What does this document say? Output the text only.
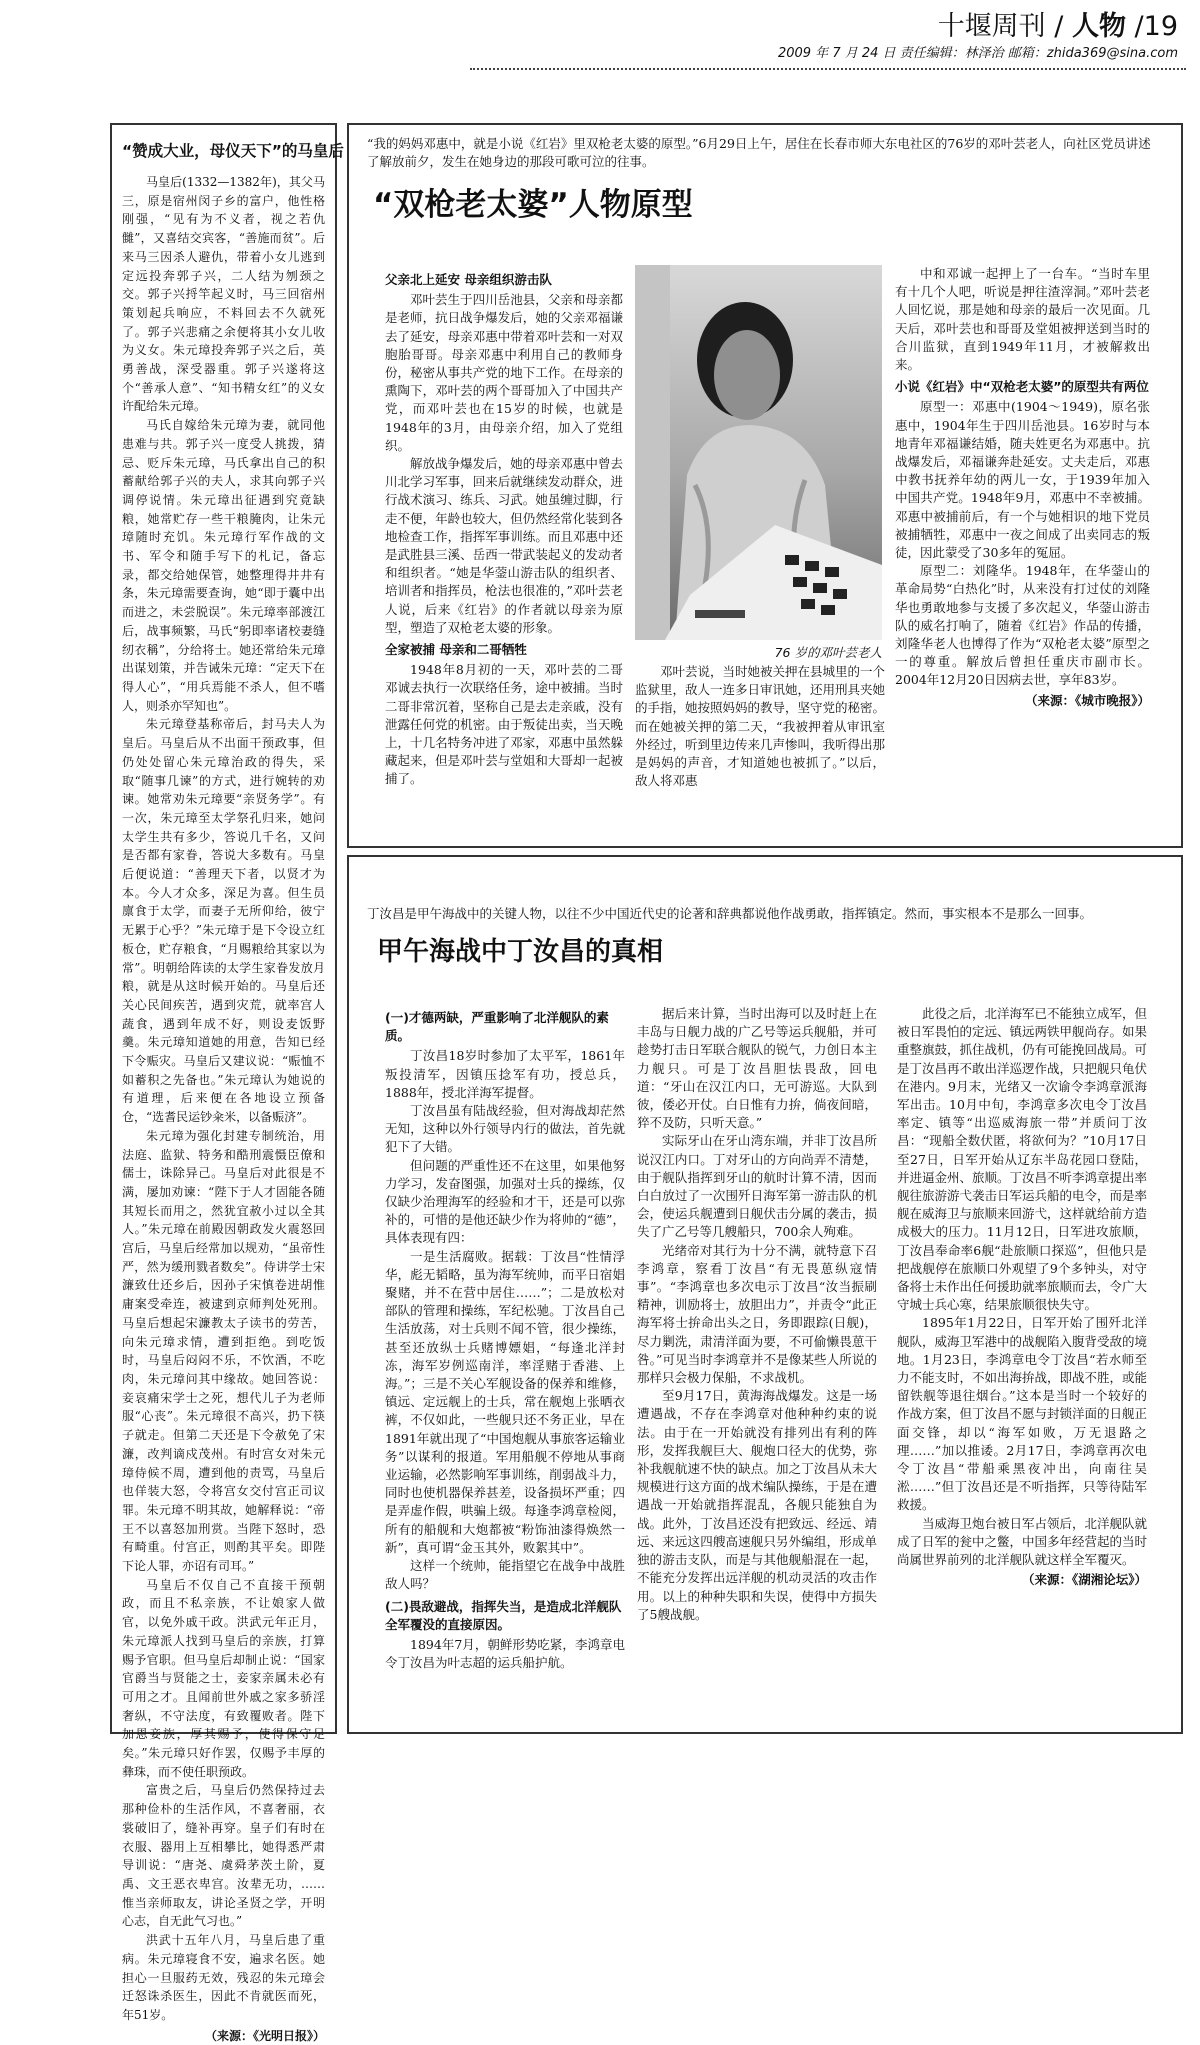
十堰周刊 / 人物 /19
2009 年 7 月 24 日 责任编辑：林泽治 邮箱：zhida369@sina.com
“赞成大业，母仪天下”的马皇后

马皇后(1332—1382年)，其父马三，原是宿州闵子乡的富户，他性格刚强，“见有为不义者，视之若仇雠”，又喜结交宾客，“善施而贫”。后来马三因杀人避仇，带着小女儿逃到定远投奔郭子兴，二人结为刎颈之交。郭子兴捋竿起义时，马三回宿州策划起兵响应，不料回去不久就死了。郭子兴悲痛之余便将其小女儿收为义女。朱元璋投奔郭子兴之后，英勇善战，深受器重。郭子兴遂将这个“善承人意”、“知书精女红”的义女许配给朱元璋。

马氏自嫁给朱元璋为妻，就同他患难与共。郭子兴一度受人挑拨，猜忌、贬斥朱元璋，马氏拿出自己的积蓄献给郭子兴的夫人，求其向郭子兴调停说情。朱元璋出征遇到究竟缺粮，她常贮存一些干粮腌肉，让朱元璋随时充饥。朱元璋行军作战的文书、军令和随手写下的札记，备忘录，都交给她保管，她整理得井井有条，朱元璋需要查询，她“即于囊中出而进之，未尝脱误”。朱元璋率部渡江后，战事频繁，马氏“躬即率诸校妻缝纫衣稱”，分给将士。她还常给朱元璋出谋划策，并告诫朱元璋：“定天下在得人心”，“用兵焉能不杀人，但不嗜人，则杀亦罕知也”。

朱元璋登基称帝后，封马夫人为皇后。马皇后从不出面干预政事，但仍处处留心朱元璋治政的得失，采取“随事几谏”的方式，进行婉转的劝谏。她常劝朱元璋要“亲贤务学”。有一次，朱元璋至太学祭孔归来，她问太学生共有多少，答说几千名，又问是否都有家眷，答说大多数有。马皇后便说道：“善理天下者，以贤才为本。今人才众多，深足为喜。但生员廪食于太学，而妻子无所仰给，彼宁无累于心乎？”朱元璋于是下令设立红板仓，贮存粮食，“月赐粮给其家以为常”。明朝给阵读的太学生家眷发放月粮，就是从这时候开始的。马皇后还关心民间疾苦，遇到灾荒，就率宫人蔬食，遇到年成不好，则设麦饭野羹。朱元璋知道她的用意，告知已经下令赈灾。马皇后又建议说：“赈恤不如蓄积之先备也。”朱元璋认为她说的有道理，后来便在各地设立预备仓，“选耆民运钞籴米，以备赈济”。

朱元璋为强化封建专制统治，用法庭、监狱、特务和酷刑震慑臣僚和儒士，诛除异己。马皇后对此很是不满，屡加劝谏：“陛下于人才固能各随其短长而用之，然犹宜赦小过以全其人。”朱元璋在前殿因朝政发火震怒回宫后，马皇后经常加以规劝，“虽帝性严，然为缓刑戮者数矣”。侍讲学士宋濂致仕还乡后，因孙子宋慎卷进胡惟庸案受牵连，被逮到京师判处死刑。马皇后想起宋濂教太子读书的劳苦，向朱元璋求情，遭到拒绝。到吃饭时，马皇后闷闷不乐，不饮酒，不吃肉，朱元璋问其中缘故。她回答说：妾哀痛宋学士之死，想代儿子为老师服“心丧”。朱元璋很不高兴，扔下筷子就走。但第二天还是下令赦免了宋濂，改判谪戍茂州。有时宫女对朱元璋侍候不周，遭到他的责骂，马皇后也佯装大怒，令将宫女交付宫正司议罪。朱元璋不明其故，她解释说：“帝王不以喜怒加刑赏。当陛下怒时，恐有畸重。付宫正，则酌其平矣。即陛下论人罪，亦诏有司耳。”

马皇后不仅自己不直接干预朝政，而且不私亲族，不让娘家人做官，以免外戚干政。洪武元年正月，朱元璋派人找到马皇后的亲族，打算赐予官职。但马皇后却制止说：“国家官爵当与贤能之士，妾家亲属未必有可用之才。且闻前世外戚之家多骄淫奢纵，不守法度，有致覆败者。陛下加恩妾族，厚其赐予，使得保守足矣。”朱元璋只好作罢，仅赐予丰厚的彝珠，而不使任职预政。

富贵之后，马皇后仍然保持过去那种俭朴的生活作风，不喜奢丽，衣裳破旧了，缝补再穿。皇子们有时在衣服、器用上互相攀比，她得悉严肃导训说：“唐尧、虞舜茅茨土阶，夏禹、文王恶衣卑宫。汝辈无功，……惟当亲师取友，讲论圣贤之学，开明心志，自无此气习也。”

洪武十五年八月，马皇后患了重病。朱元璋寝食不安，遍求名医。她担心一旦服药无效，残忍的朱元璋会迁怒诛杀医生，因此不肯就医而死，年51岁。

（来源：《光明日报》）

“我的妈妈邓惠中，就是小说《红岩》里双枪老太婆的原型。”6月29日上午，居住在长春市师大东电社区的76岁的邓叶芸老人，向社区党员讲述了解放前夕，发生在她身边的那段可歌可泣的往事。

“双枪老太婆”人物原型
父亲北上延安 母亲组织游击队

邓叶芸生于四川岳池县，父亲和母亲都是老师，抗日战争爆发后，她的父亲邓福谦去了延安，母亲邓惠中带着邓叶芸和一对双胞胎哥哥。母亲邓惠中利用自己的教师身份，秘密从事共产党的地下工作。在母亲的熏陶下，邓叶芸的两个哥哥加入了中国共产党，而邓叶芸也在15岁的时候，也就是1948年的3月，由母亲介绍，加入了党组织。

解放战争爆发后，她的母亲邓惠中曾去川北学习军事，回来后就继续发动群众，进行战术演习、练兵、习武。她虽缠过脚，行走不便，年龄也较大，但仍然经常化装到各地检查工作，指挥军事训练。而且邓惠中还是武胜县三溪、岳西一带武装起义的发动者和组织者。“她是华蓥山游击队的组织者、培训者和指挥员，枪法也很准的，”邓叶芸老人说，后来《红岩》的作者就以母亲为原型，塑造了双枪老太婆的形象。

全家被捕 母亲和二哥牺牲

1948年8月初的一天，邓叶芸的二哥邓诚去执行一次联络任务，途中被捕。当时二哥非常沉着，坚称自己是去走亲戚，没有泄露任何党的机密。由于叛徒出卖，当天晚上，十几名特务冲进了邓家，邓惠中虽然躲藏起来，但是邓叶芸与堂姐和大哥却一起被捕了。

76 岁的邓叶芸老人

邓叶芸说，当时她被关押在县城里的一个监狱里，敌人一连多日审讯她，还用刑具夹她的手指，她按照妈妈的教导，坚守党的秘密。而在她被关押的第二天，“我被押着从审讯室外经过，听到里边传来几声惨叫，我听得出那是妈妈的声音，才知道她也被抓了。”以后，敌人将邓惠

中和邓诚一起押上了一台车。“当时车里有十几个人吧，听说是押往渣滓洞。”邓叶芸老人回忆说，那是她和母亲的最后一次见面。几天后，邓叶芸也和哥哥及堂姐被押送到当时的合川监狱，直到1949年11月，才被解救出来。

小说《红岩》中“双枪老太婆”的原型共有两位

原型一：邓惠中(1904～1949)，原名张惠中，1904年生于四川岳池县。16岁时与本地青年邓福谦结婚，随夫姓更名为邓惠中。抗战爆发后，邓福谦奔赴延安。丈夫走后，邓惠中教书抚养年幼的两儿一女，于1939年加入中国共产党。1948年9月，邓惠中不幸被捕。邓惠中被捕前后，有一个与她相识的地下党员被捕牺牲，邓惠中一夜之间成了出卖同志的叛徒，因此蒙受了30多年的冤屈。

原型二：刘隆华。1948年，在华蓥山的革命局势“白热化”时，从来没有打过仗的刘隆华也勇敢地参与支援了多次起义，华蓥山游击队的威名打响了，随着《红岩》作品的传播，刘隆华老人也博得了作为“双枪老太婆”原型之一的尊重。解放后曾担任重庆市副市长。2004年12月20日因病去世，享年83岁。

（来源：《城市晚报》）

丁汝昌是甲午海战中的关键人物，以往不少中国近代史的论著和辞典都说他作战勇敢，指挥镇定。然而，事实根本不是那么一回事。

甲午海战中丁汝昌的真相
(一)才德两缺，严重影响了北洋舰队的素质。

丁汝昌18岁时参加了太平军，1861年叛投清军，因镇压捻军有功，授总兵，1888年，授北洋海军提督。

丁汝昌虽有陆战经验，但对海战却茫然无知，这种以外行领导内行的做法，首先就犯下了大错。

但问题的严重性还不在这里，如果他努力学习，发奋图强，加强对士兵的操练，仅仅缺少治理海军的经验和才干，还是可以弥补的，可惜的是他还缺少作为将帅的“德”，具体表现有四：

一是生活腐败。据载：丁汝昌“性情浮华，彪无韬略，虽为海军统帅，而平日宿娼聚赌，并不在营中居住……”；二是放松对部队的管理和操练，军纪松驰。丁汝昌自己生活放荡，对士兵则不闻不管，很少操练，甚至还放纵士兵赌博嫖娼，“每逢北洋封冻，海军岁例巡南洋，率淫赌于香港、上海。”；三是不关心军舰设备的保养和维修，镇远、定远舰上的士兵，常在舰炮上张晒衣裤，不仅如此，一些舰只还不务正业，早在1891年就出现了“中国炮舰从事旅客运输业务”以谋利的报道。军用船舰不停地从事商业运输，必然影响军事训练，削弱战斗力，同时也使机器保养甚差，设备损坏严重；四是弄虚作假，哄骗上级。每逢李鸿章检阅，所有的船舰和大炮都被“粉饰油漆得焕然一新”，真可谓“金玉其外，败絮其中”。

这样一个统帅，能指望它在战争中战胜敌人吗？

(二)畏敌避战，指挥失当，是造成北洋舰队全军覆没的直接原因。

1894年7月，朝鲜形势吃紧，李鸿章电令丁汝昌为叶志超的运兵船护航。

据后来计算，当时出海可以及时赶上在丰岛与日舰力战的广乙号等运兵舰船，并可趁势打击日军联合舰队的锐气，力创日本主力舰只。可是丁汝昌胆怯畏敌，回电道：“牙山在汉江内口，无可游巡。大队到彼，倭必开仗。白日惟有力拚，倘夜间暗，猝不及防，只听天意。”

实际牙山在牙山湾东端，并非丁汝昌所说汉江内口。丁对牙山的方向尚弄不清楚，由于舰队指挥到牙山的航时计算不清，因而白白放过了一次围歼日海军第一游击队的机会，使运兵舰遭到日舰伏击分属的袭击，损失了广乙号等几艘船只，700余人殉难。

光绪帝对其行为十分不满，就特意下召李鸿章，察看丁汝昌“有无畏葸纵寇情事”。“李鸿章也多次电示丁汝昌“汝当振刷精神，训励将士，放胆出力”，并责令“此正海军将士拚命出头之日，务即跟踪(日舰)，尽力剿洗，肃清洋面为要，不可偷懒畏葸干咎。”可见当时李鸿章并不是像某些人所说的那样只会极力保船，不求战机。

至9月17日，黄海海战爆发。这是一场遭遇战，不存在李鸿章对他种种约束的说法。由于在一开始就没有排列出有利的阵形，发挥我舰巨大、舰炮口径大的优势，弥补我舰航速不快的缺点。加之丁汝昌从未大规模进行这方面的战术编队操练，于是在遭遇战一开始就指挥混乱，各舰只能独自为战。此外，丁汝昌还没有把致远、经远、靖远、来远这四艘高速舰只另外编组，形成单独的游击支队，而是与其他舰船混在一起，不能充分发挥出远洋舰的机动灵活的攻击作用。以上的种种失职和失误，使得中方损失了5艘战舰。

此役之后，北洋海军已不能独立成军，但被日军畏怕的定远、镇远两铁甲舰尚存。如果重整旗鼓，抓住战机，仍有可能挽回战局。可是丁汝昌再不敢出洋巡逻作战，只把舰只龟伏在港内。9月末，光绪又一次谕令李鸿章派海军出击。10月中旬，李鸿章多次电令丁汝昌率定、镇等“出巡威海旅一带”并质问丁汝昌：“现船全数伏匿，将欲何为？”10月17日至27日，日军开始从辽东半岛花园口登陆，并进逼金州、旅顺。丁汝昌不听李鸿章提出率舰往旅游游弋袭击日军运兵船的电令，而是率舰在威海卫与旅顺来回游弋，这样就给前方造成极大的压力。11月12日，日军进攻旅顺，丁汝昌奉命率6舰“赴旅顺口探巡”，但他只是把战舰停在旅顺口外观望了9个多钟头，对守备将士未作出任何援助就率旅顺而去，令广大守城士兵心寒，结果旅顺很快失守。

1895年1月22日，日军开始了围歼北洋舰队，威海卫军港中的战舰陷入腹背受敌的境地。1月23日，李鸿章电令丁汝昌“若水师至力不能支时，不如出海拚战，即战不胜，或能留铁舰等退往烟台。”这本是当时一个较好的作战方案，但丁汝昌不愿与封锁洋面的日舰正面交锋，却以“海军如败，万无退路之理……”加以推诿。2月17日，李鸿章再次电令丁汝昌“带船乘黑夜冲出，向南往吴淞……”但丁汝昌还是不听指挥，只等待陆军救援。

当威海卫炮台被日军占领后，北洋舰队就成了日军的瓮中之鳖，中国多年经营起的当时尚属世界前列的北洋舰队就这样全军覆灭。

（来源：《湖湘论坛》）
